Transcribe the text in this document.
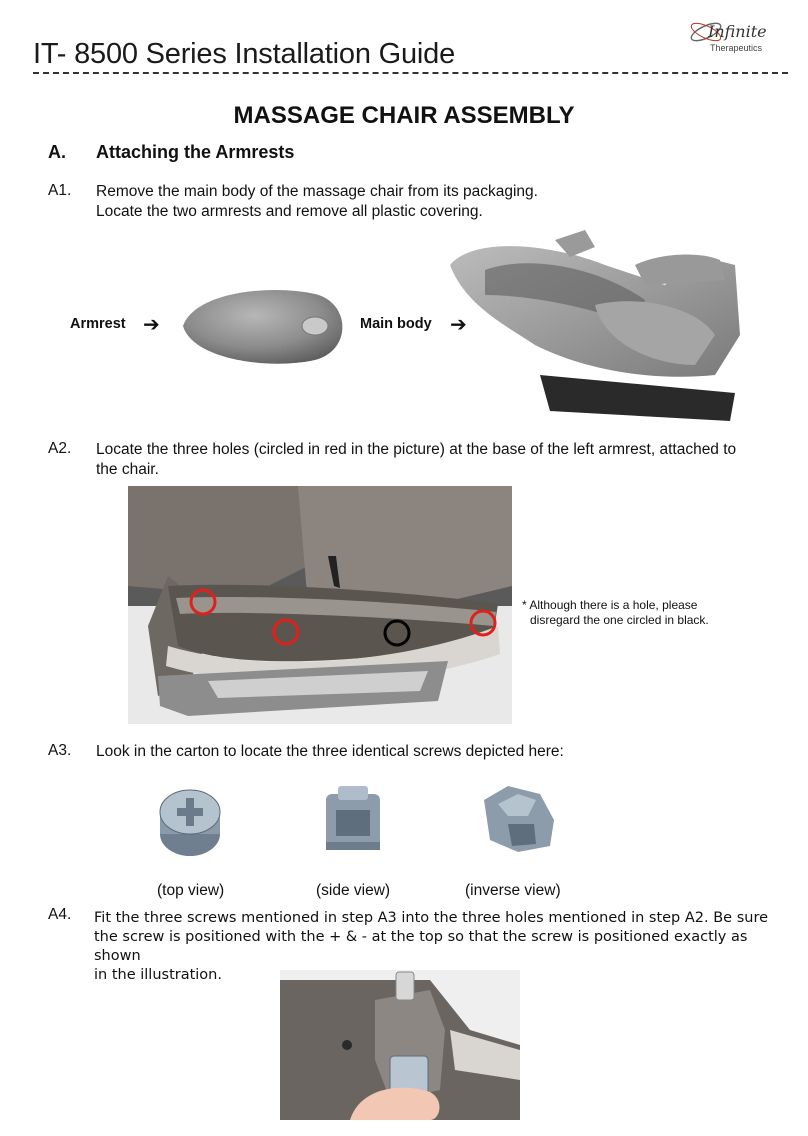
IT- 8500 Series Installation Guide
Infinite
Therapeutics
MASSAGE CHAIR ASSEMBLY
A. Attaching the Armrests
A1. Remove the main body of the massage chair from its packaging.
Locate the two armrests and remove all plastic covering.
Armrest ➔	Main body ➔
A2. Locate the three holes (circled in red in the picture) at the base of the left armrest, attached to
the chair.
* Although there is a hole, please
disregard the one circled in black.
A3. Look in the carton to locate the three identical screws depicted here:
(top view)	(side view)	(inverse view)
A4. Fit the three screws mentioned in step A3 into the three holes mentioned in step A2. Be sure
the screw is positioned with the + & - at the top so that the screw is positioned exactly as shown
in the illustration.
